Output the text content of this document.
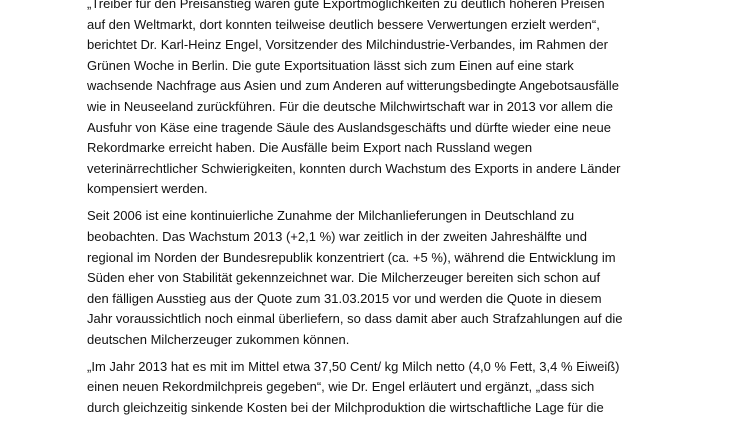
„Treiber für den Preisanstieg waren gute Exportmöglichkeiten zu deutlich höheren Preisen
auf den Weltmarkt, dort konnten teilweise deutlich bessere Verwertungen erzielt werden“,
berichtet Dr. Karl-Heinz Engel, Vorsitzender des Milchindustrie-Verbandes, im Rahmen der
Grünen Woche in Berlin. Die gute Exportsituation lässt sich zum Einen auf eine stark
wachsende Nachfrage aus Asien und zum Anderen auf witterungsbedingte Angebotsausfälle
wie in Neuseeland zurückführen. Für die deutsche Milchwirtschaft war in 2013 vor allem die
Ausfuhr von Käse eine tragende Säule des Auslandsgeschäfts und dürfte wieder eine neue
Rekordmarke erreicht haben. Die Ausfälle beim Export nach Russland wegen
veterinärrechtlicher Schwierigkeiten, konnten durch Wachstum des Exports in andere Länder
kompensiert werden.

Seit 2006 ist eine kontinuierliche Zunahme der Milchanlieferungen in Deutschland zu
beobachten. Das Wachstum 2013 (+2,1 %) war zeitlich in der zweiten Jahreshälfte und
regional im Norden der Bundesrepublik konzentriert (ca. +5 %), während die Entwicklung im
Süden eher von Stabilität gekennzeichnet war. Die Milcherzeuger bereiten sich schon auf
den fälligen Ausstieg aus der Quote zum 31.03.2015 vor und werden die Quote in diesem
Jahr voraussichtlich noch einmal überliefern, so dass damit aber auch Strafzahlungen auf die
deutschen Milcherzeuger zukommen können.

„Im Jahr 2013 hat es mit im Mittel etwa 37,50 Cent/ kg Milch netto (4,0 % Fett, 3,4 % Eiweiß)
einen neuen Rekordmilchpreis gegeben“, wie Dr. Engel erläutert und ergänzt, „dass sich
durch gleichzeitig sinkende Kosten bei der Milchproduktion die wirtschaftliche Lage für die
